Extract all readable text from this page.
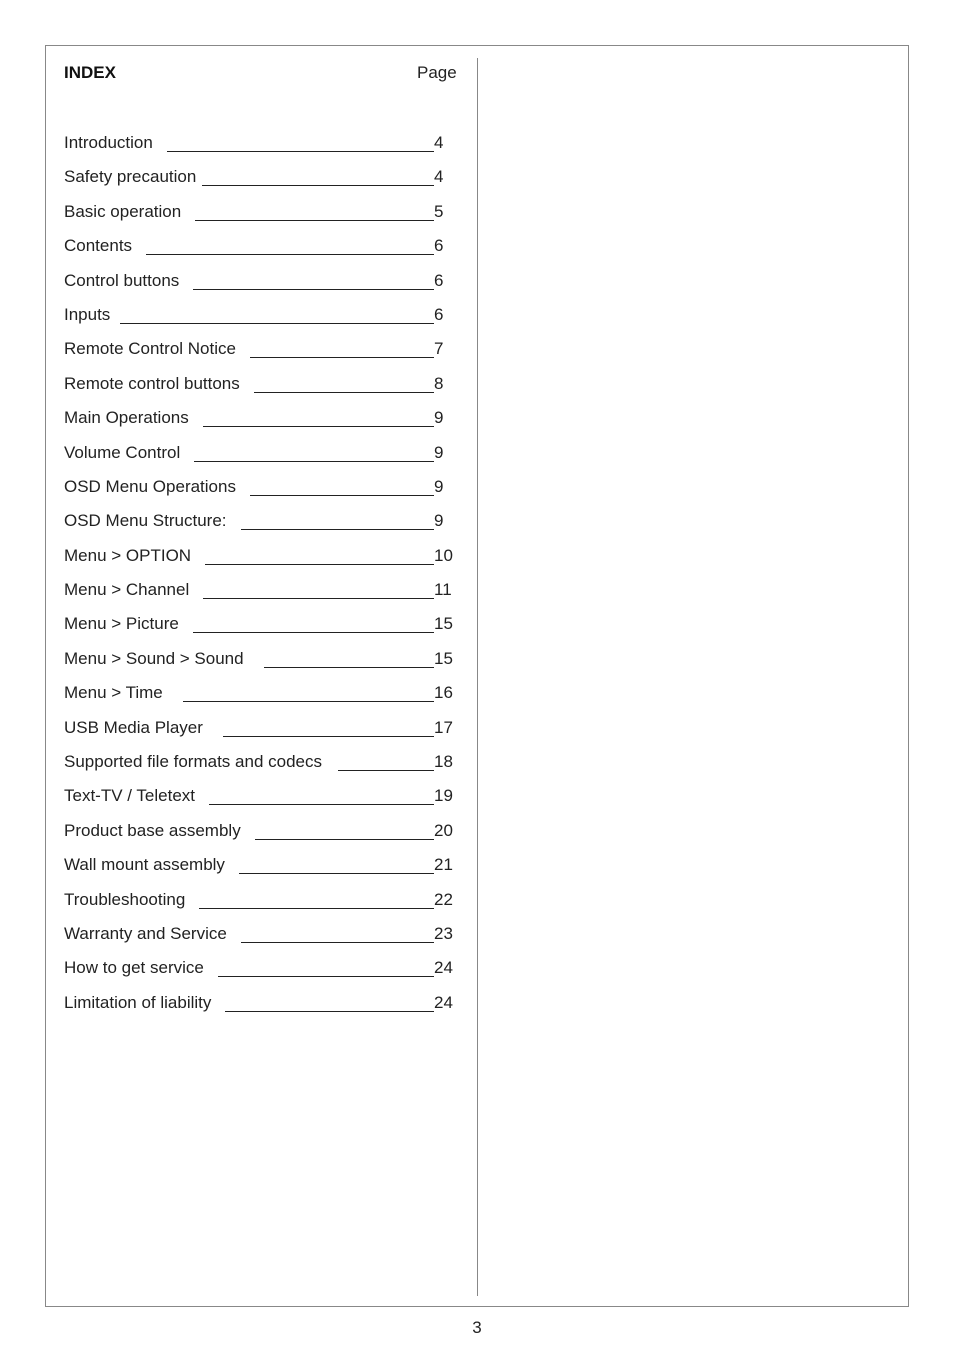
INDEX	Page
Introduction	4
Safety precaution	4
Basic operation	5
Contents	6
Control buttons	6
Inputs	6
Remote Control Notice	7
Remote control buttons	8
Main Operations	9
Volume Control	9
OSD Menu Operations	9
OSD Menu Structure:	9
Menu > OPTION	10
Menu > Channel	11
Menu > Picture	15
Menu > Sound > Sound	15
Menu > Time	16
USB Media Player	17
Supported file formats and codecs	18
Text-TV / Teletext	19
Product base assembly	20
Wall mount assembly	21
Troubleshooting	22
Warranty and Service	23
How to get service	24
Limitation of liability	24
3
